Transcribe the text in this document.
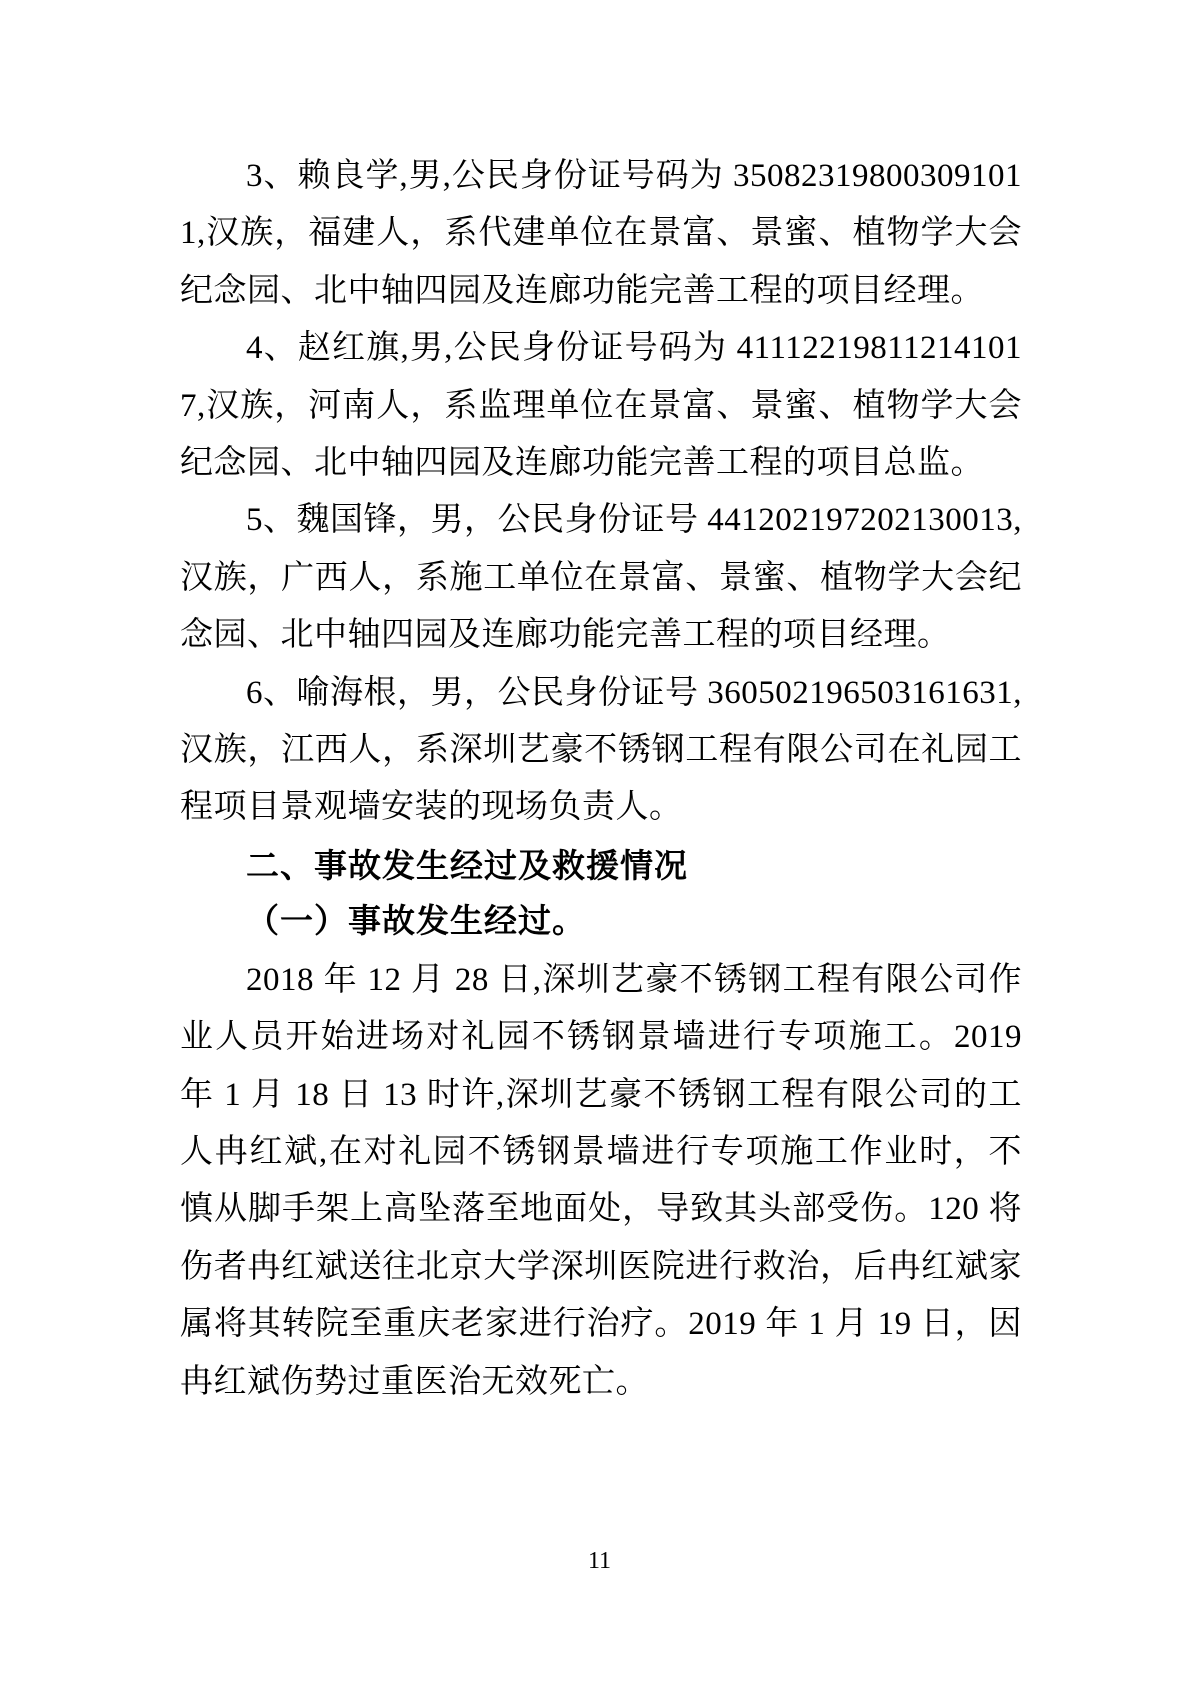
3、赖良学,男,公民身份证号码为 350823198003091011,汉族，福建人，系代建单位在景富、景蜜、植物学大会纪念园、北中轴四园及连廊功能完善工程的项目经理。

4、赵红旗,男,公民身份证号码为 411122198112141017,汉族，河南人，系监理单位在景富、景蜜、植物学大会纪念园、北中轴四园及连廊功能完善工程的项目总监。

5、魏国锋，男，公民身份证号 441202197202130013,汉族，广西人，系施工单位在景富、景蜜、植物学大会纪念园、北中轴四园及连廊功能完善工程的项目经理。

6、喻海根，男，公民身份证号 360502196503161631,汉族，江西人，系深圳艺豪不锈钢工程有限公司在礼园工程项目景观墙安装的现场负责人。

二、事故发生经过及救援情况

（一）事故发生经过。

2018 年 12 月 28 日,深圳艺豪不锈钢工程有限公司作业人员开始进场对礼园不锈钢景墙进行专项施工。2019 年 1 月 18 日 13 时许,深圳艺豪不锈钢工程有限公司的工人冉红斌,在对礼园不锈钢景墙进行专项施工作业时，不慎从脚手架上高坠落至地面处，导致其头部受伤。120 将伤者冉红斌送往北京大学深圳医院进行救治，后冉红斌家属将其转院至重庆老家进行治疗。2019 年 1 月 19 日，因冉红斌伤势过重医治无效死亡。

11
